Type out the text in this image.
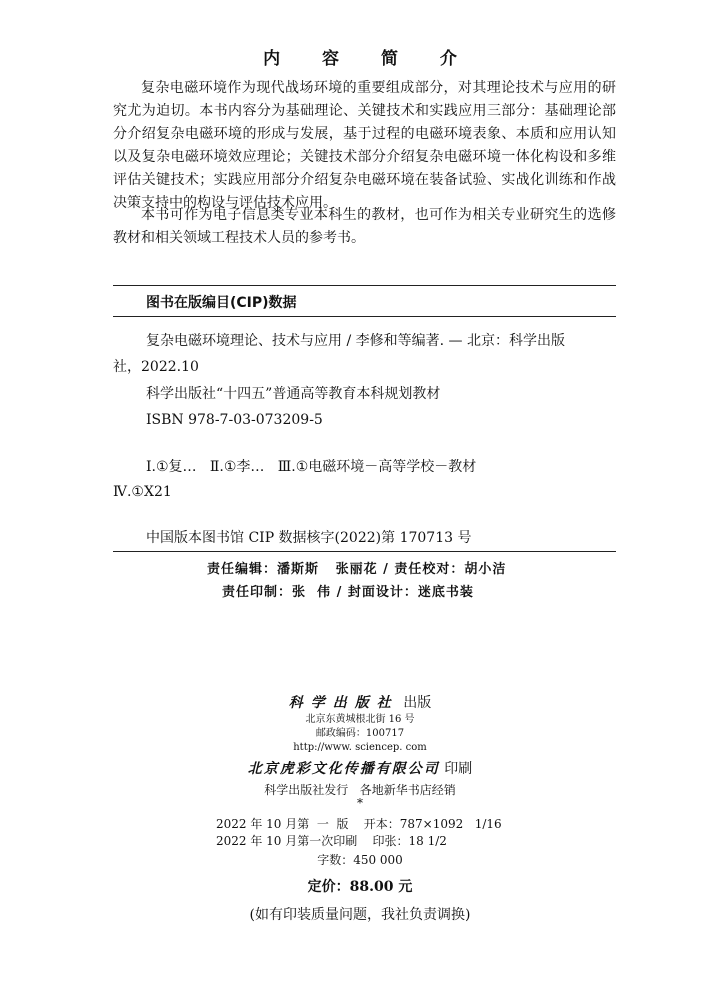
内 容 简 介

复杂电磁环境作为现代战场环境的重要组成部分，对其理论技术与应用的研究尤为迫切。本书内容分为基础理论、关键技术和实践应用三部分：基础理论部分介绍复杂电磁环境的形成与发展，基于过程的电磁环境表象、本质和应用认知以及复杂电磁环境效应理论；关键技术部分介绍复杂电磁环境一体化构设和多维评估关键技术；实践应用部分介绍复杂电磁环境在装备试验、实战化训练和作战决策支持中的构设与评估技术应用。

本书可作为电子信息类专业本科生的教材，也可作为相关专业研究生的选修教材和相关领域工程技术人员的参考书。

图书在版编目(CIP)数据
复杂电磁环境理论、技术与应用 / 李修和等编著. — 北京：科学出版
社，2022.10
科学出版社“十四五”普通高等教育本科规划教材
ISBN 978-7-03-073209-5
Ⅰ.①复…   Ⅱ.①李…   Ⅲ.①电磁环境－高等学校－教材
Ⅳ.①X21
中国版本图书馆 CIP 数据核字(2022)第 170713 号
责任编辑：潘斯斯   张丽花 / 责任校对：胡小洁
责任印制：张  伟 / 封面设计：迷底书装
科学出版社 出版
北京东黄城根北街 16 号
邮政编码：100717
http://www. sciencep. com
北京虎彩文化传播有限公司 印刷
科学出版社发行   各地新华书店经销
*
2022 年 10 月第  一  版    开本：787×1092   1/16
2022 年 10 月第一次印刷    印张：18 1/2
字数：450 000
定价：88.00 元
(如有印装质量问题，我社负责调换)
